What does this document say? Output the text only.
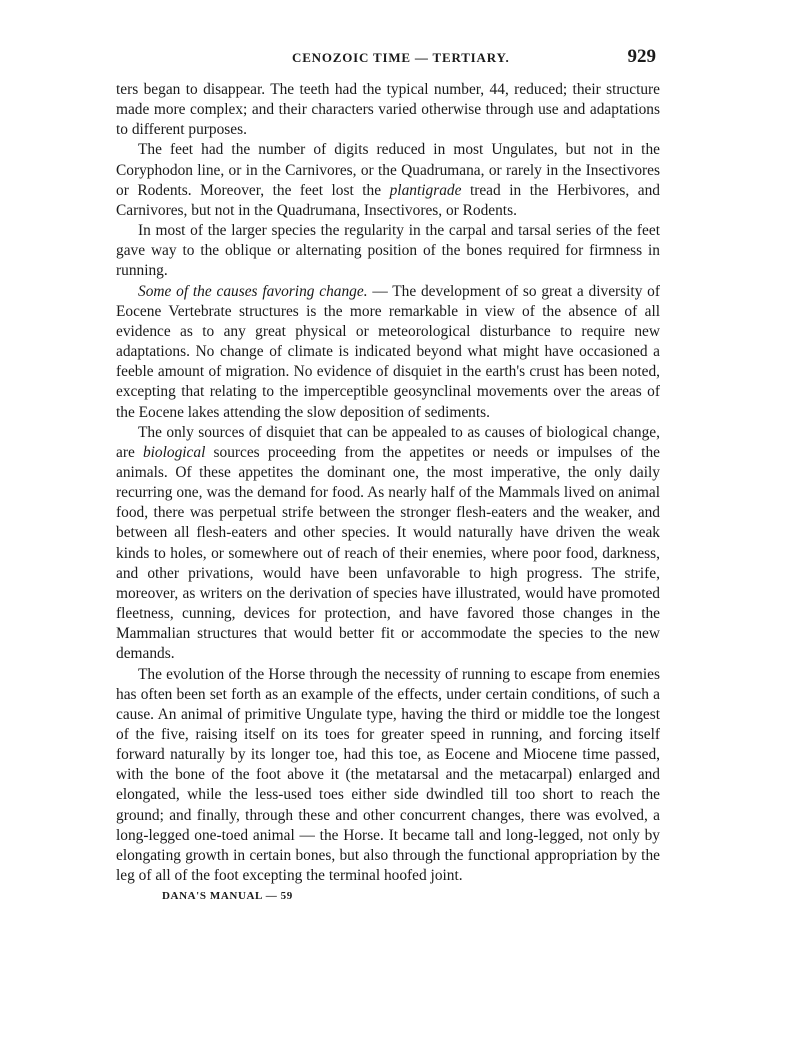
CENOZOIC TIME — TERTIARY.	929

ters began to disappear. The teeth had the typical number, 44, reduced; their structure made more complex; and their characters varied otherwise through use and adaptations to different purposes.

The feet had the number of digits reduced in most Ungulates, but not in the Coryphodon line, or in the Carnivores, or the Quadrumana, or rarely in the Insectivores or Rodents. Moreover, the feet lost the plantigrade tread in the Herbivores, and Carnivores, but not in the Quadrumana, Insectivores, or Rodents.

In most of the larger species the regularity in the carpal and tarsal series of the feet gave way to the oblique or alternating position of the bones required for firmness in running.

Some of the causes favoring change. — The development of so great a diversity of Eocene Vertebrate structures is the more remarkable in view of the absence of all evidence as to any great physical or meteorological disturbance to require new adaptations. No change of climate is indicated beyond what might have occasioned a feeble amount of migration. No evidence of disquiet in the earth's crust has been noted, excepting that relating to the imperceptible geosynclinal movements over the areas of the Eocene lakes attending the slow deposition of sediments.

The only sources of disquiet that can be appealed to as causes of biological change, are biological sources proceeding from the appetites or needs or impulses of the animals. Of these appetites the dominant one, the most imperative, the only daily recurring one, was the demand for food. As nearly half of the Mammals lived on animal food, there was perpetual strife between the stronger flesh-eaters and the weaker, and between all flesh-eaters and other species. It would naturally have driven the weak kinds to holes, or somewhere out of reach of their enemies, where poor food, darkness, and other privations, would have been unfavorable to high progress. The strife, moreover, as writers on the derivation of species have illustrated, would have promoted fleetness, cunning, devices for protection, and have favored those changes in the Mammalian structures that would better fit or accommodate the species to the new demands.

The evolution of the Horse through the necessity of running to escape from enemies has often been set forth as an example of the effects, under certain conditions, of such a cause. An animal of primitive Ungulate type, having the third or middle toe the longest of the five, raising itself on its toes for greater speed in running, and forcing itself forward naturally by its longer toe, had this toe, as Eocene and Miocene time passed, with the bone of the foot above it (the metatarsal and the metacarpal) enlarged and elongated, while the less-used toes either side dwindled till too short to reach the ground; and finally, through these and other concurrent changes, there was evolved, a long-legged one-toed animal — the Horse. It became tall and long-legged, not only by elongating growth in certain bones, but also through the functional appropriation by the leg of all of the foot excepting the terminal hoofed joint.

DANA'S MANUAL — 59
